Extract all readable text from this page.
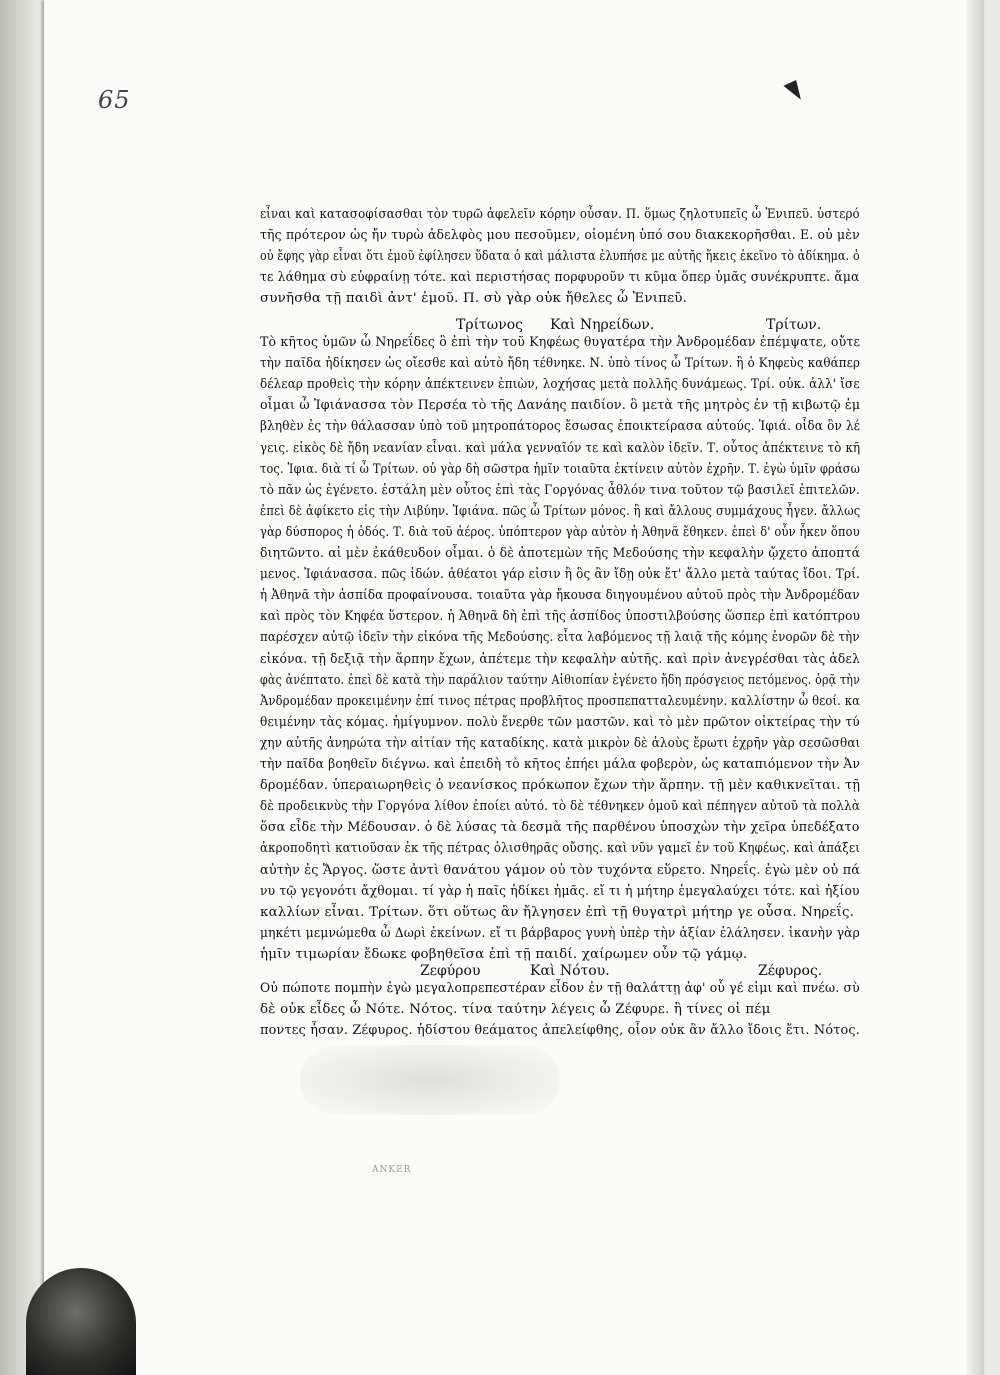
65
εἶναι καὶ κατασοφίσασθαι τὸν τυρῶ ἀφελεῖν κόρην οὖσαν. Π. ὅμως ζηλοτυπεῖς ὦ Ἐνιπεῦ. ὑστερό
τῆς πρότερον ὡς ἤν τυρὼ ἀδελφὸς μου πεσοῦμεν, οἰομένη ὑπό σου διακεκορῆσθαι. Ε. οὐ μὲν
οὐ ἔφης γὰρ εἶναι ὅτι ἐμοῦ ἐφίλησεν ὕδατα ὁ καὶ μάλιστα ἐλυπήσε με αὐτῆς ἥκεις ἐκεῖνο τὸ ἀδίκημα. ὁ
τε λάθημα σὺ εὐφραίνῃ τότε. καὶ περιστήσας πορφυροῦν τι κῦμα ὅπερ ὑμᾶς συνέκρυπτε. ἅμα
συνῆσθα τῇ παιδὶ ἀντ' ἐμοῦ. Π. σὺ γὰρ οὐκ ἤθελες ὦ Ἐνιπεῦ.
Τρίτωνος Καὶ Νηρείδων.	Τρίτων.
Τὸ κῆτος ὑμῶν ὦ Νηρεΐδες ὃ ἐπὶ τὴν τοῦ Κηφέως θυγατέρα τὴν Ἀνδρομέδαν ἐπέμψατε, οὔτε
τὴν παῖδα ἠδίκησεν ὡς οἴεσθε καὶ αὐτὸ ἤδη τέθνηκε. Ν. ὑπὸ τίνος ὦ Τρίτων. ἢ ὁ Κηφεὺς καθάπερ
δέλεαρ προθεὶς τὴν κόρην ἀπέκτεινεν ἐπιὼν, λοχήσας μετὰ πολλῆς δυνάμεως. Τρί. οὐκ. ἀλλ' ἴσε
οἶμαι ὦ Ἰφιάνασσα τὸν Περσέα τὸ τῆς Δανάης παιδίον. ὃ μετὰ τῆς μητρὸς ἐν τῇ κιβωτῷ ἐμ
βληθὲν ἐς τὴν θάλασσαν ὑπὸ τοῦ μητροπάτορος ἔσωσας ἐποικτείρασα αὐτούς. Ἰφιά. οἶδα ὃν λέ
γεις. εἰκὸς δὲ ἤδη νεανίαν εἶναι. καὶ μάλα γενναῖόν τε καὶ καλὸν ἰδεῖν. Τ. οὗτος ἀπέκτεινε τὸ κῆ
τος. Ἰφια. διὰ τί ὦ Τρίτων. οὐ γὰρ δὴ σῶστρα ἡμῖν τοιαῦτα ἐκτίνειν αὐτὸν ἐχρῆν. Τ. ἐγὼ ὑμῖν φράσω
τὸ πᾶν ὡς ἐγένετο. ἐστάλη μὲν οὗτος ἐπὶ τὰς Γοργόνας ἆθλόν τινα τοῦτον τῷ βασιλεῖ ἐπιτελῶν.
ἐπεὶ δὲ ἀφίκετο εἰς τὴν Λιβύην. Ἰφιάνα. πῶς ὦ Τρίτων μόνος. ἢ καὶ ἄλλους συμμάχους ἦγεν. ἄλλως
γὰρ δύσπορος ἡ ὁδός. Τ. διὰ τοῦ ἀέρος. ὑπόπτερον γὰρ αὐτὸν ἡ Ἀθηνᾶ ἔθηκεν. ἐπεὶ δ' οὖν ἧκεν ὅπου
διητῶντο. αἱ μὲν ἐκάθευδον οἶμαι. ὁ δὲ ἀποτεμὼν τῆς Μεδούσης τὴν κεφαλὴν ᾤχετο ἀποπτά
μενος. Ἰφιάνασσα. πῶς ἰδών. ἀθέατοι γάρ εἰσιν ἢ ὃς ἂν ἴδῃ οὐκ ἔτ' ἄλλο μετὰ ταύτας ἴδοι. Τρί.
ἡ Ἀθηνᾶ τὴν ἀσπίδα προφαίνουσα. τοιαῦτα γὰρ ἤκουσα διηγουμένου αὐτοῦ πρὸς τὴν Ἀνδρομέδαν
καὶ πρὸς τὸν Κηφέα ὕστερον. ἡ Ἀθηνᾶ δὴ ἐπὶ τῆς ἀσπίδος ὑποστιλβούσης ὥσπερ ἐπὶ κατόπτρου
παρέσχεν αὐτῷ ἰδεῖν τὴν εἰκόνα τῆς Μεδούσης. εἶτα λαβόμενος τῇ λαιᾷ τῆς κόμης ἐνορῶν δὲ τὴν
εἰκόνα. τῇ δεξιᾷ τὴν ἅρπην ἔχων, ἀπέτεμε τὴν κεφαλὴν αὐτῆς. καὶ πρὶν ἀνεγρέσθαι τὰς ἀδελ
φὰς ἀνέπτατο. ἐπεὶ δὲ κατὰ τὴν παράλιον ταύτην Αἰθιοπίαν ἐγένετο ἤδη πρόσγειος πετόμενος. ὁρᾷ τὴν
Ἀνδρομέδαν προκειμένην ἐπί τινος πέτρας προβλῆτος προσπεπατταλευμένην. καλλίστην ὦ θεοί. κα
θειμένην τὰς κόμας. ἡμίγυμνον. πολὺ ἔνερθε τῶν μαστῶν. καὶ τὸ μὲν πρῶτον οἰκτείρας τὴν τύ
χην αὐτῆς ἀνηρώτα τὴν αἰτίαν τῆς καταδίκης. κατὰ μικρὸν δὲ ἁλοὺς ἔρωτι ἐχρῆν γὰρ σεσῶσθαι
τὴν παῖδα βοηθεῖν διέγνω. καὶ ἐπειδὴ τὸ κῆτος ἐπήει μάλα φοβερὸν, ὡς καταπιόμενον τὴν Ἀν
δρομέδαν. ὑπεραιωρηθεὶς ὁ νεανίσκος πρόκωπον ἔχων τὴν ἅρπην. τῇ μὲν καθικνεῖται. τῇ
δὲ προδεικνὺς τὴν Γοργόνα λίθον ἐποίει αὐτό. τὸ δὲ τέθνηκεν ὁμοῦ καὶ πέπηγεν αὐτοῦ τὰ πολλὰ
ὅσα εἶδε τὴν Μέδουσαν. ὁ δὲ λύσας τὰ δεσμὰ τῆς παρθένου ὑποσχὼν τὴν χεῖρα ὑπεδέξατο
ἀκροποδητὶ κατιοῦσαν ἐκ τῆς πέτρας ὀλισθηρᾶς οὔσης. καὶ νῦν γαμεῖ ἐν τοῦ Κηφέως. καὶ ἀπάξει
αὐτὴν ἐς Ἄργος. ὥστε ἀντὶ θανάτου γάμον οὐ τὸν τυχόντα εὕρετο. Νηρεΐς. ἐγὼ μὲν οὐ πά
νυ τῷ γεγονότι ἄχθομαι. τί γὰρ ἡ παῖς ἠδίκει ἡμᾶς. εἴ τι ἡ μήτηρ ἐμεγαλαύχει τότε. καὶ ἠξίου
καλλίων εἶναι. Τρίτων. ὅτι οὕτως ἂν ἤλγησεν ἐπὶ τῇ θυγατρὶ μήτηρ γε οὖσα. Νηρεΐς.
μηκέτι μεμνώμεθα ὦ Δωρὶ ἐκείνων. εἴ τι βάρβαρος γυνὴ ὑπὲρ τὴν ἀξίαν ἐλάλησεν. ἱκανὴν γὰρ
ἡμῖν τιμωρίαν ἔδωκε φοβηθεῖσα ἐπὶ τῇ παιδί. χαίρωμεν οὖν τῷ γάμῳ.
Ζεφύρου	Καὶ Νότου.	Ζέφυρος.
Οὐ πώποτε πομπὴν ἐγὼ μεγαλοπρεπεστέραν εἶδον ἐν τῇ θαλάττῃ ἀφ' οὗ γέ εἰμι καὶ πνέω. σὺ
δὲ οὐκ εἶδες ὦ Νότε. Νότος. τίνα ταύτην λέγεις ὦ Ζέφυρε. ἢ τίνες οἱ πέμ
ποντες ἦσαν. Ζέφυρος. ἡδίστου θεάματος ἀπελείφθης, οἷον οὐκ ἂν ἄλλο ἴδοις ἔτι. Νότος.
ANKER
